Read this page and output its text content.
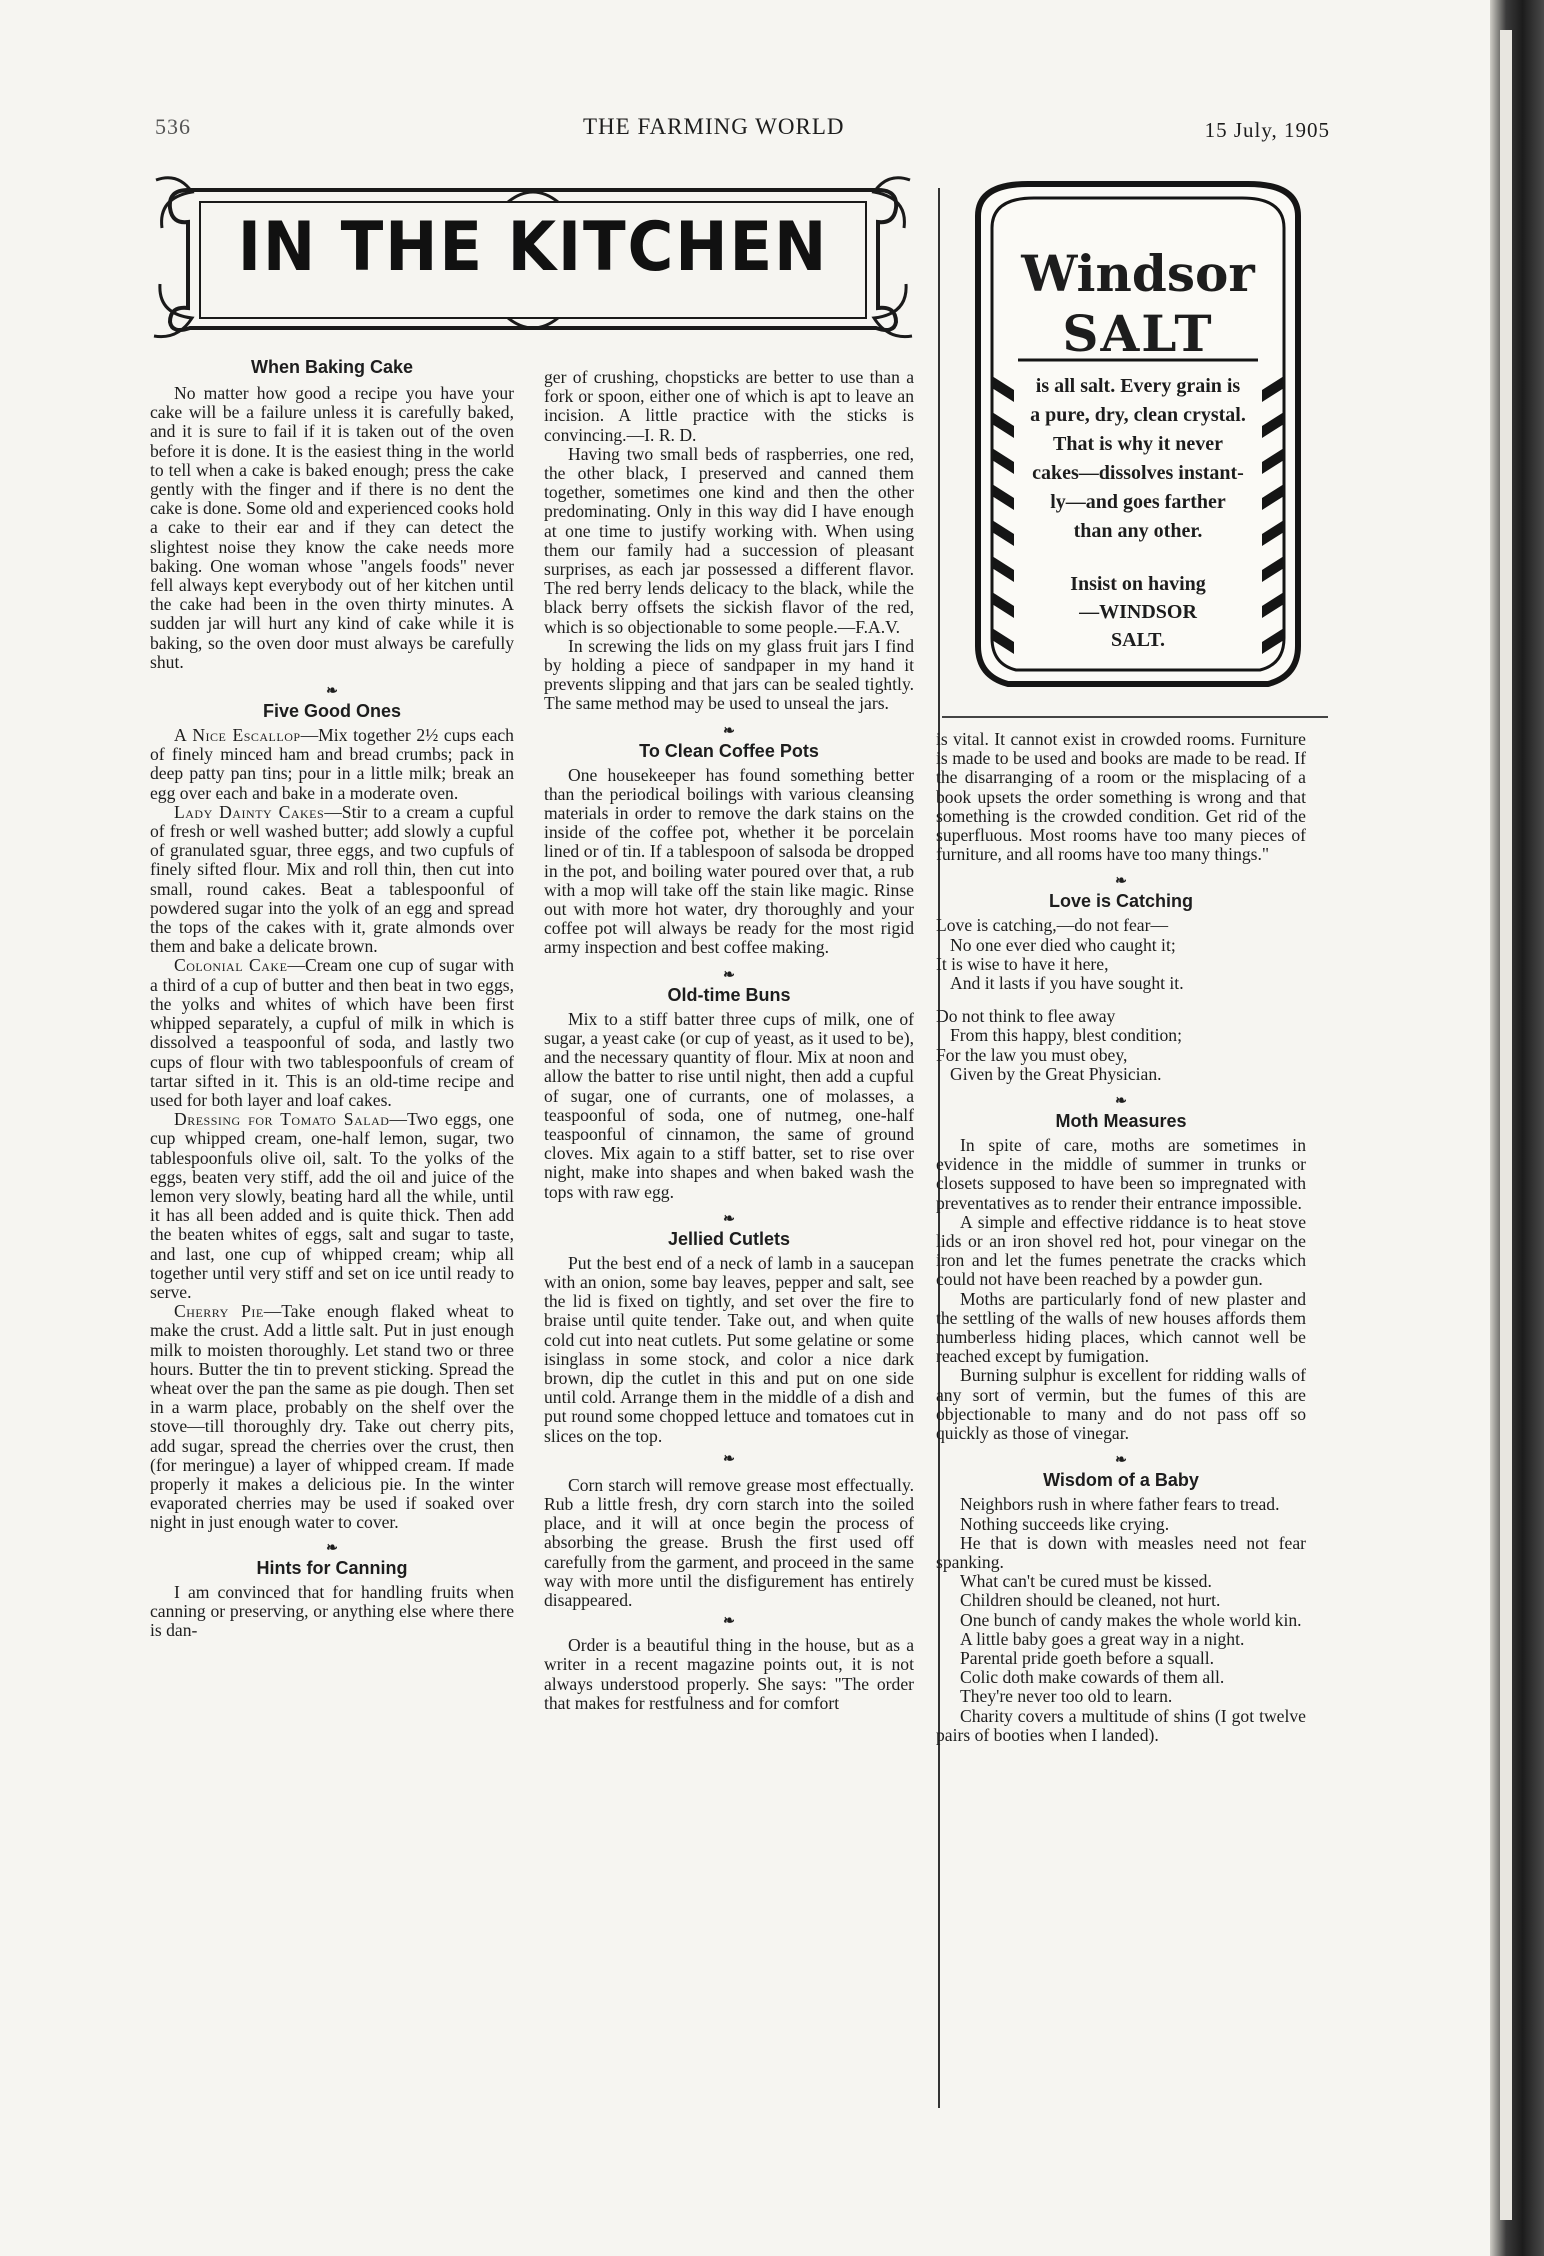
536	THE FARMING WORLD	15 July, 1905
IN THE KITCHEN
When Baking Cake

No matter how good a recipe you have your cake will be a failure unless it is carefully baked, and it is sure to fail if it is taken out of the oven before it is done. It is the easiest thing in the world to tell when a cake is baked enough; press the cake gently with the finger and if there is no dent the cake is done. Some old and experienced cooks hold a cake to their ear and if they can detect the slightest noise they know the cake needs more baking. One woman whose "angels foods" never fell always kept everybody out of her kitchen until the cake had been in the oven thirty minutes. A sudden jar will hurt any kind of cake while it is baking, so the oven door must always be carefully shut.

❧
Five Good Ones

A Nice Escallop—Mix together 2½ cups each of finely minced ham and bread crumbs; pack in deep patty pan tins; pour in a little milk; break an egg over each and bake in a moderate oven.

Lady Dainty Cakes—Stir to a cream a cupful of fresh or well washed butter; add slowly a cupful of granulated sguar, three eggs, and two cupfuls of finely sifted flour. Mix and roll thin, then cut into small, round cakes. Beat a tablespoonful of powdered sugar into the yolk of an egg and spread the tops of the cakes with it, grate almonds over them and bake a delicate brown.

Colonial Cake—Cream one cup of sugar with a third of a cup of butter and then beat in two eggs, the yolks and whites of which have been first whipped separately, a cupful of milk in which is dissolved a teaspoonful of soda, and lastly two cups of flour with two tablespoonfuls of cream of tartar sifted in it. This is an old-time recipe and used for both layer and loaf cakes.

Dressing for Tomato Salad—Two eggs, one cup whipped cream, one-half lemon, sugar, two tablespoonfuls olive oil, salt. To the yolks of the eggs, beaten very stiff, add the oil and juice of the lemon very slowly, beating hard all the while, until it has all been added and is quite thick. Then add the beaten whites of eggs, salt and sugar to taste, and last, one cup of whipped cream; whip all together until very stiff and set on ice until ready to serve.

Cherry Pie—Take enough flaked wheat to make the crust. Add a little salt. Put in just enough milk to moisten thoroughly. Let stand two or three hours. Butter the tin to prevent sticking. Spread the wheat over the pan the same as pie dough. Then set in a warm place, probably on the shelf over the stove—till thoroughly dry. Take out cherry pits, add sugar, spread the cherries over the crust, then (for meringue) a layer of whipped cream. If made properly it makes a delicious pie. In the winter evaporated cherries may be used if soaked over night in just enough water to cover.

❧
Hints for Canning

I am convinced that for handling fruits when canning or preserving, or anything else where there is dan-

ger of crushing, chopsticks are better to use than a fork or spoon, either one of which is apt to leave an incision. A little practice with the sticks is convincing.—I. R. D.

Having two small beds of raspberries, one red, the other black, I preserved and canned them together, sometimes one kind and then the other predominating. Only in this way did I have enough at one time to justify working with. When using them our family had a succession of pleasant surprises, as each jar possessed a different flavor. The red berry lends delicacy to the black, while the black berry offsets the sickish flavor of the red, which is so objectionable to some people.—F.A.V.

In screwing the lids on my glass fruit jars I find by holding a piece of sandpaper in my hand it prevents slipping and that jars can be sealed tightly. The same method may be used to unseal the jars.

❧
To Clean Coffee Pots

One housekeeper has found something better than the periodical boilings with various cleansing materials in order to remove the dark stains on the inside of the coffee pot, whether it be porcelain lined or of tin. If a tablespoon of salsoda be dropped in the pot, and boiling water poured over that, a rub with a mop will take off the stain like magic. Rinse out with more hot water, dry thoroughly and your coffee pot will always be ready for the most rigid army inspection and best coffee making.

❧
Old-time Buns

Mix to a stiff batter three cups of milk, one of sugar, a yeast cake (or cup of yeast, as it used to be), and the necessary quantity of flour. Mix at noon and allow the batter to rise until night, then add a cupful of sugar, one of currants, one of molasses, a teaspoonful of soda, one of nutmeg, one-half teaspoonful of cinnamon, the same of ground cloves. Mix again to a stiff batter, set to rise over night, make into shapes and when baked wash the tops with raw egg.

❧
Jellied Cutlets

Put the best end of a neck of lamb in a saucepan with an onion, some bay leaves, pepper and salt, see the lid is fixed on tightly, and set over the fire to braise until quite tender. Take out, and when quite cold cut into neat cutlets. Put some gelatine or some isinglass in some stock, and color a nice dark brown, dip the cutlet in this and put on one side until cold. Arrange them in the middle of a dish and put round some chopped lettuce and tomatoes cut in slices on the top.

❧

Corn starch will remove grease most effectually. Rub a little fresh, dry corn starch into the soiled place, and it will at once begin the process of absorbing the grease. Brush the first used off carefully from the garment, and proceed in the same way with more until the disfigurement has entirely disappeared.

❧

Order is a beautiful thing in the house, but as a writer in a recent magazine points out, it is not always understood properly. She says: "The order that makes for restfulness and for comfort

Windsor
SALT
is all salt. Every grain is
a pure, dry, clean crystal.
That is why it never
cakes—dissolves instant-
ly—and goes farther
than any other.
Insist on having
—WINDSOR
SALT.

is vital. It cannot exist in crowded rooms. Furniture is made to be used and books are made to be read. If the disarranging of a room or the misplacing of a book upsets the order something is wrong and that something is the crowded condition. Get rid of the superfluous. Most rooms have too many pieces of furniture, and all rooms have too many things."

❧
Love is Catching
Love is catching,—do not fear—
No one ever died who caught it;
It is wise to have it here,
And it lasts if you have sought it.
Do not think to flee away
From this happy, blest condition;
For the law you must obey,
Given by the Great Physician.
❧
Moth Measures

In spite of care, moths are sometimes in evidence in the middle of summer in trunks or closets supposed to have been so impregnated with preventatives as to render their entrance impossible.

A simple and effective riddance is to heat stove lids or an iron shovel red hot, pour vinegar on the iron and let the fumes penetrate the cracks which could not have been reached by a powder gun.

Moths are particularly fond of new plaster and the settling of the walls of new houses affords them numberless hiding places, which cannot well be reached except by fumigation.

Burning sulphur is excellent for ridding walls of any sort of vermin, but the fumes of this are objectionable to many and do not pass off so quickly as those of vinegar.

❧
Wisdom of a Baby

Neighbors rush in where father fears to tread.

Nothing succeeds like crying.

He that is down with measles need not fear spanking.

What can't be cured must be kissed.

Children should be cleaned, not hurt.

One bunch of candy makes the whole world kin.

A little baby goes a great way in a night.

Parental pride goeth before a squall.

Colic doth make cowards of them all.

They're never too old to learn.

Charity covers a multitude of shins (I got twelve pairs of booties when I landed).
